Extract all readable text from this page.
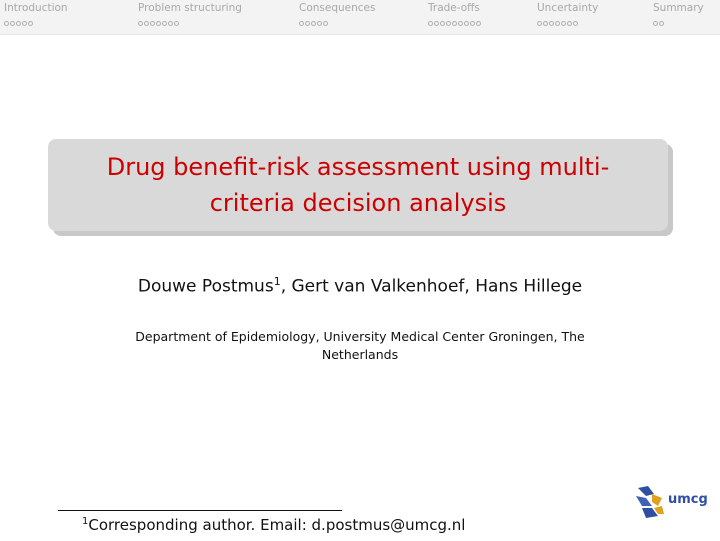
Introduction	Problem structuring	Consequences	Trade-offs	Uncertainty	Summary
Drug benefit-risk assessment using multi-criteria decision analysis
Douwe Postmus$^1$, Gert van Valkenhoef, Hans Hillege
Department of Epidemiology, University Medical Center Groningen, The Netherlands
$^1$Corresponding author. Email: d.postmus@umcg.nl
umcg
